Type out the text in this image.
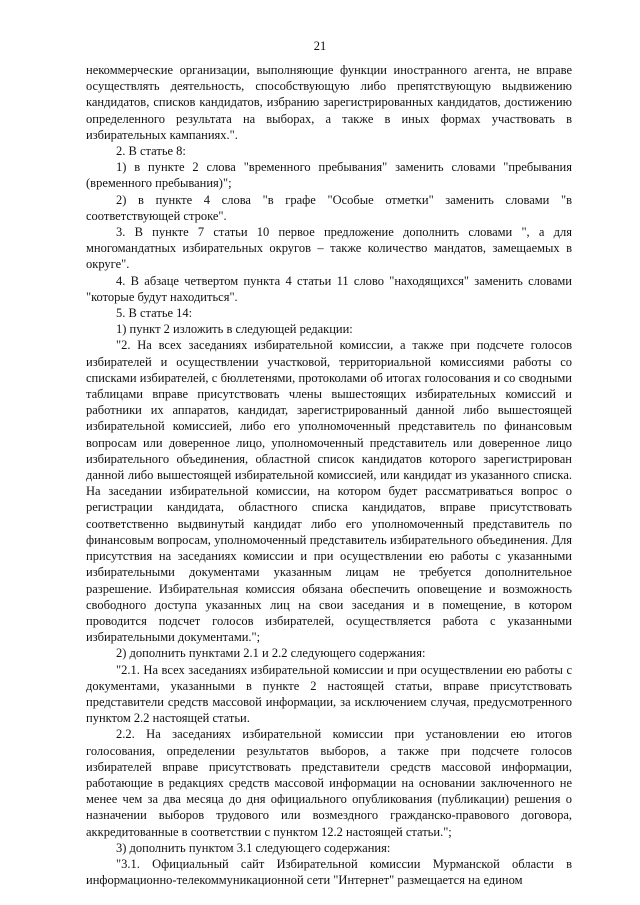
21

некоммерческие организации, выполняющие функции иностранного агента, не вправе осуществлять деятельность, способствующую либо препятствующую выдвижению кандидатов, списков кандидатов, избранию зарегистрированных кандидатов, достижению определенного результата на выборах, а также в иных формах участвовать в избирательных кампаниях.".

2. В статье 8:

1) в пункте 2 слова "временного пребывания" заменить словами "пребывания (временного пребывания)";

2) в пункте 4 слова "в графе "Особые отметки" заменить словами "в соответствующей строке".

3. В пункте 7 статьи 10 первое предложение дополнить словами ", а для многомандатных избирательных округов – также количество мандатов, замещаемых в округе".

4. В абзаце четвертом пункта 4 статьи 11 слово "находящихся" заменить словами "которые будут находиться".

5. В статье 14:

1) пункт 2 изложить в следующей редакции:

"2. На всех заседаниях избирательной комиссии, а также при подсчете голосов избирателей и осуществлении участковой, территориальной комиссиями работы со списками избирателей, с бюллетенями, протоколами об итогах голосования и со сводными таблицами вправе присутствовать члены вышестоящих избирательных комиссий и работники их аппаратов, кандидат, зарегистрированный данной либо вышестоящей избирательной комиссией, либо его уполномоченный представитель по финансовым вопросам или доверенное лицо, уполномоченный представитель или доверенное лицо избирательного объединения, областной список кандидатов которого зарегистрирован данной либо вышестоящей избирательной комиссией, или кандидат из указанного списка. На заседании избирательной комиссии, на котором будет рассматриваться вопрос о регистрации кандидата, областного списка кандидатов, вправе присутствовать соответственно выдвинутый кандидат либо его уполномоченный представитель по финансовым вопросам, уполномоченный представитель избирательного объединения. Для присутствия на заседаниях комиссии и при осуществлении ею работы с указанными избирательными документами указанным лицам не требуется дополнительное разрешение. Избирательная комиссия обязана обеспечить оповещение и возможность свободного доступа указанных лиц на свои заседания и в помещение, в котором проводится подсчет голосов избирателей, осуществляется работа с указанными избирательными документами.";

2) дополнить пунктами 2.1 и 2.2 следующего содержания:

"2.1. На всех заседаниях избирательной комиссии и при осуществлении ею работы с документами, указанными в пункте 2 настоящей статьи, вправе присутствовать представители средств массовой информации, за исключением случая, предусмотренного пунктом 2.2 настоящей статьи.

2.2. На заседаниях избирательной комиссии при установлении ею итогов голосования, определении результатов выборов, а также при подсчете голосов избирателей вправе присутствовать представители средств массовой информации, работающие в редакциях средств массовой информации на основании заключенного не менее чем за два месяца до дня официального опубликования (публикации) решения о назначении выборов трудового или возмездного гражданско-правового договора, аккредитованные в соответствии с пунктом 12.2 настоящей статьи.";

3) дополнить пунктом 3.1 следующего содержания:

"3.1. Официальный сайт Избирательной комиссии Мурманской области в информационно-телекоммуникационной сети "Интернет" размещается на едином
